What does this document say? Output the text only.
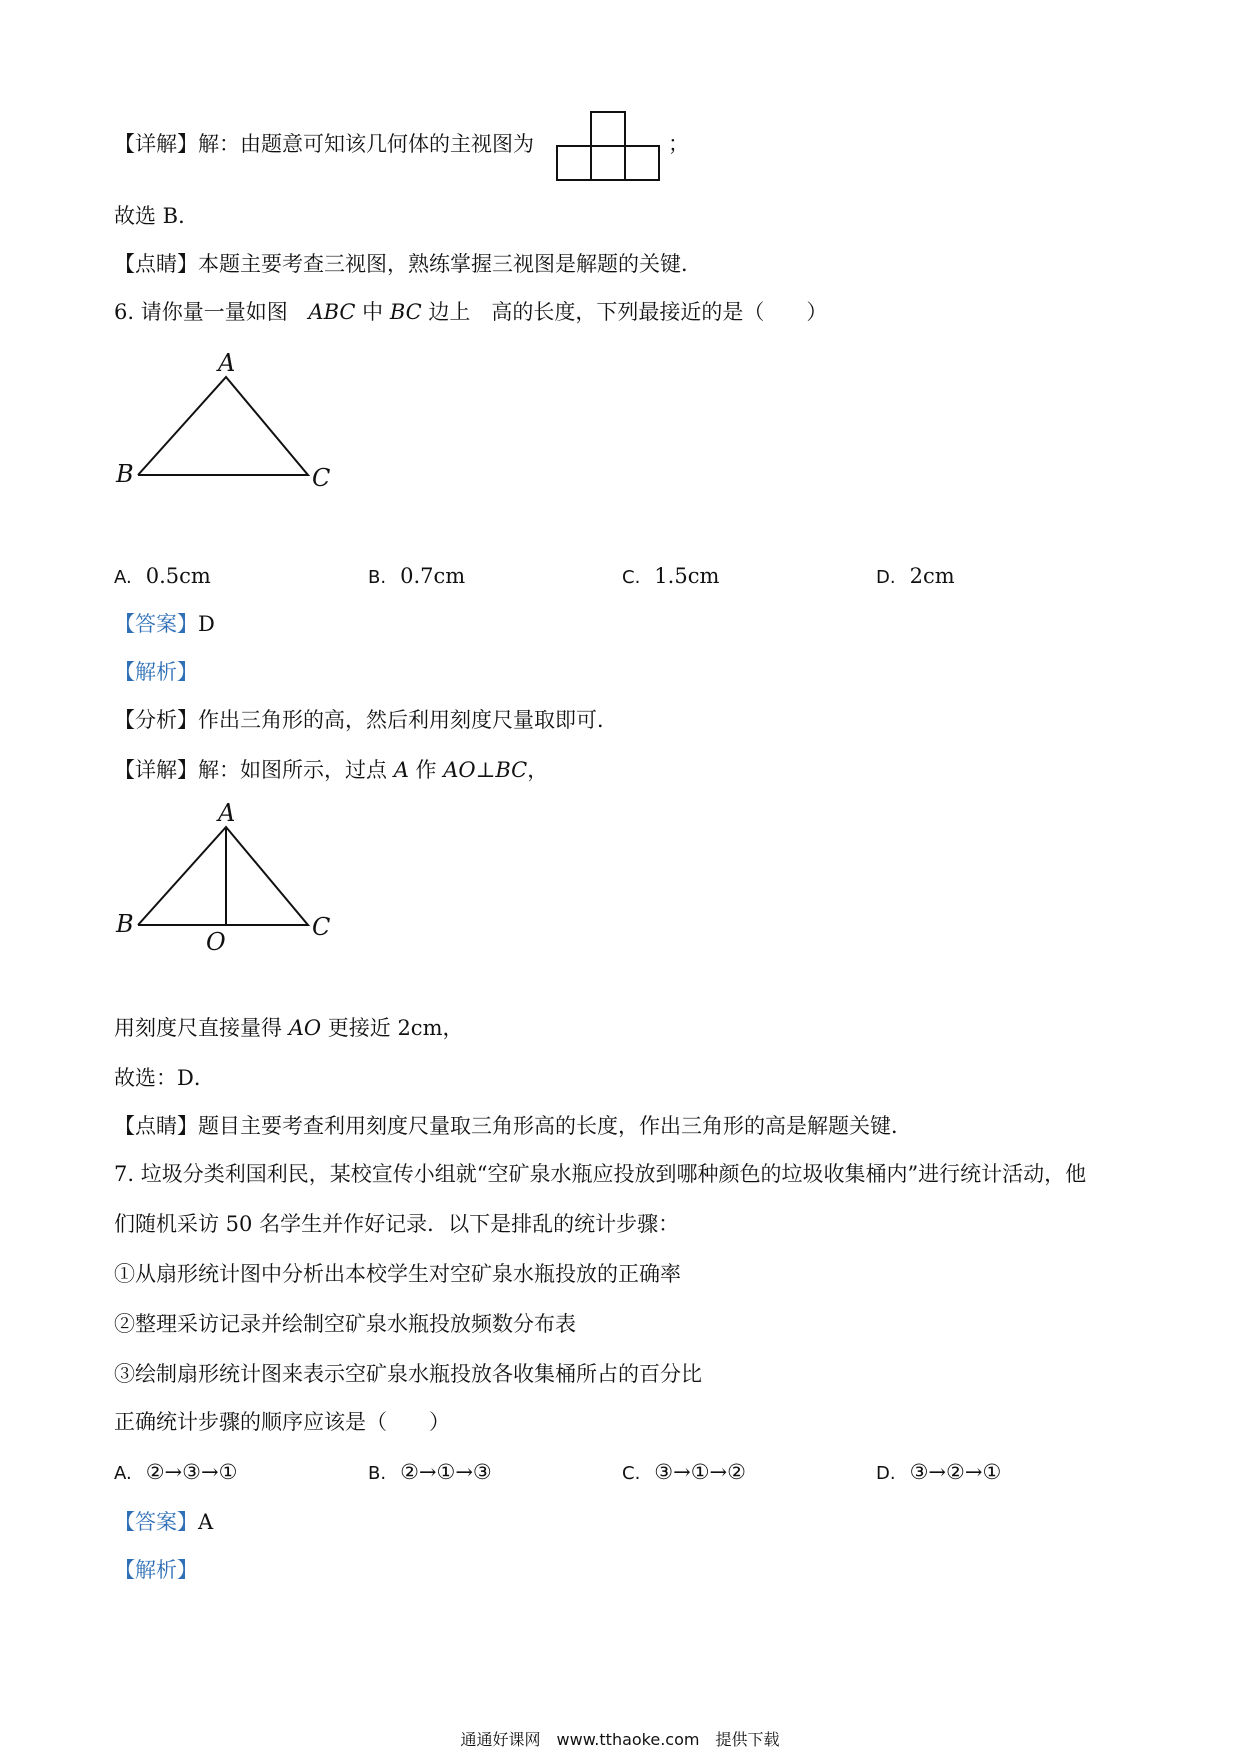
【详解】解：由题意可知该几何体的主视图为	；
故选 B．
【点睛】本题主要考查三视图，熟练掌握三视图是解题的关键．
6. 请你量一量如图 ABC 中 BC 边上　高的长度，下列最接近的是（　　）
A
B	C
A. 0.5cm	B. 0.7cm	C. 1.5cm	D. 2cm
【答案】D
【解析】
【分析】作出三角形的高，然后利用刻度尺量取即可．
【详解】解：如图所示，过点 A 作 AO⊥BC，
A
B	C
O
用刻度尺直接量得 AO 更接近 2cm，
故选：D．
【点睛】题目主要考查利用刻度尺量取三角形高的长度，作出三角形的高是解题关键．
7. 垃圾分类利国利民，某校宣传小组就“空矿泉水瓶应投放到哪种颜色的垃圾收集桶内”进行统计活动，他
们随机采访 50 名学生并作好记录．以下是排乱的统计步骤：
①从扇形统计图中分析出本校学生对空矿泉水瓶投放的正确率
②整理采访记录并绘制空矿泉水瓶投放频数分布表
③绘制扇形统计图来表示空矿泉水瓶投放各收集桶所占的百分比
正确统计步骤的顺序应该是（　　）
A. ②→③→①	B. ②→①→③	C. ③→①→②	D. ③→②→①
【答案】A
【解析】
通通好课网　www.tthaoke.com　提供下载
